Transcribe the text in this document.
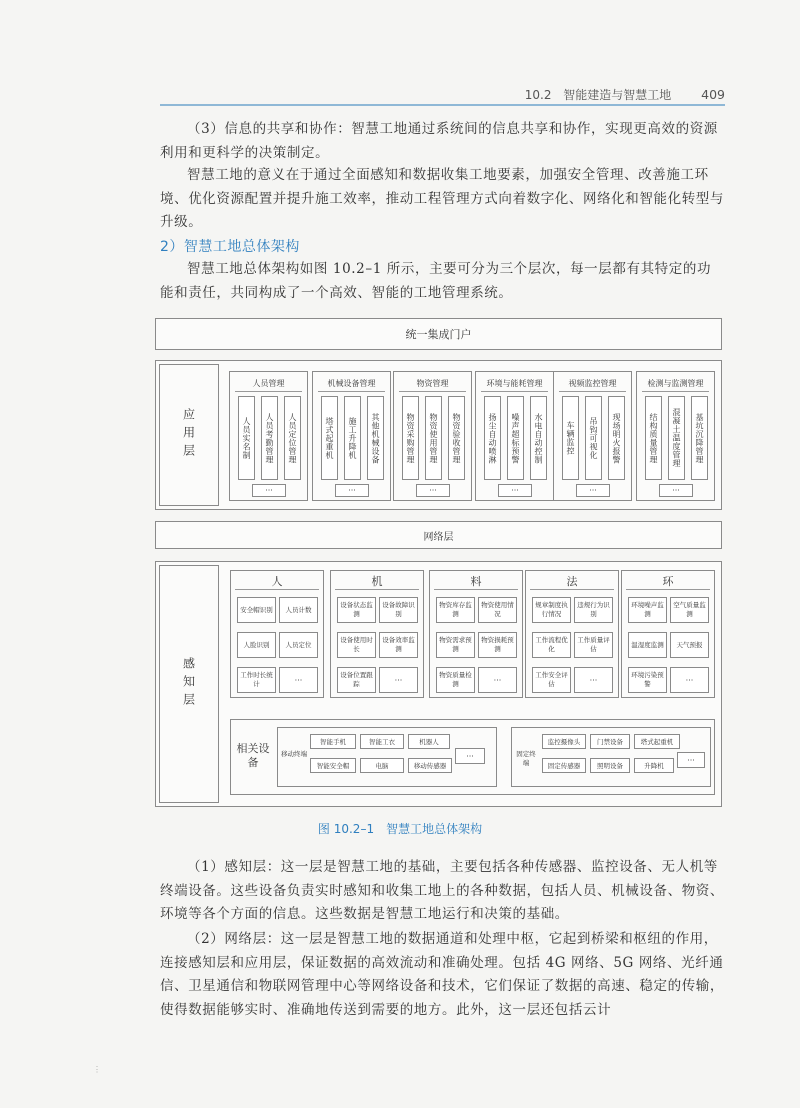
10.2 智能建造与智慧工地 409
（3）信息的共享和协作：智慧工地通过系统间的信息共享和协作，实现更高效的资源利用和更科学的决策制定。
智慧工地的意义在于通过全面感知和数据收集工地要素，加强安全管理、改善施工环境、优化资源配置并提升施工效率，推动工程管理方式向着数字化、网络化和智能化转型与升级。
2）智慧工地总体架构
智慧工地总体架构如图 10.2–1 所示，主要可分为三个层次，每一层都有其特定的功能和责任，共同构成了一个高效、智能的工地管理系统。
统一集成门户
应用层
人员管理
人员实名制	人员考勤管理	人员定位管理
···
机械设备管理
塔式起重机	施工升降机	其他机械设备
···
物资管理
物资采购管理	物资使用管理	物资验收管理
···
环境与能耗管理
扬尘自动喷淋	噪声超标预警	水电自动控制
···
视频监控管理
车辆监控	吊钩可视化	现场明火报警
···
检测与监测管理
结构质量管理	混凝土温度管理	基坑沉降管理
···
网络层
感知层
人
安全帽识别	人员计数
人脸识别	人员定位
工作时长统计	···
机
设备状态监测
设备故障识别
设备使用时长
设备效率监测
设备位置跟踪	···
料
物资库存监测
物资使用情况
物资需求预测
物资损耗预测
物资质量检测	···
法
规章制度执行情况
违规行为识别
工作流程优化
工作质量评估
工作安全评估	···
环
环境噪声监测
空气质量监测
温湿度监测	天气预报
环境污染预警	···
相关设备
移动终端
智能手机	智能工衣	机器人
智能安全帽	电脑	移动传感器
···	固定终端
监控摄像头	门禁设备	塔式起重机
固定传感器	照明设备	升降机
···
图 10.2–1　智慧工地总体架构
（1）感知层：这一层是智慧工地的基础，主要包括各种传感器、监控设备、无人机等终端设备。这些设备负责实时感知和收集工地上的各种数据，包括人员、机械设备、物资、环境等各个方面的信息。这些数据是智慧工地运行和决策的基础。
（2）网络层：这一层是智慧工地的数据通道和处理中枢，它起到桥梁和枢纽的作用，连接感知层和应用层，保证数据的高效流动和准确处理。包括 4G 网络、5G 网络、光纤通信、卫星通信和物联网管理中心等网络设备和技术，它们保证了数据的高速、稳定的传输，使得数据能够实时、准确地传送到需要的地方。此外，这一层还包括云计
⋮
